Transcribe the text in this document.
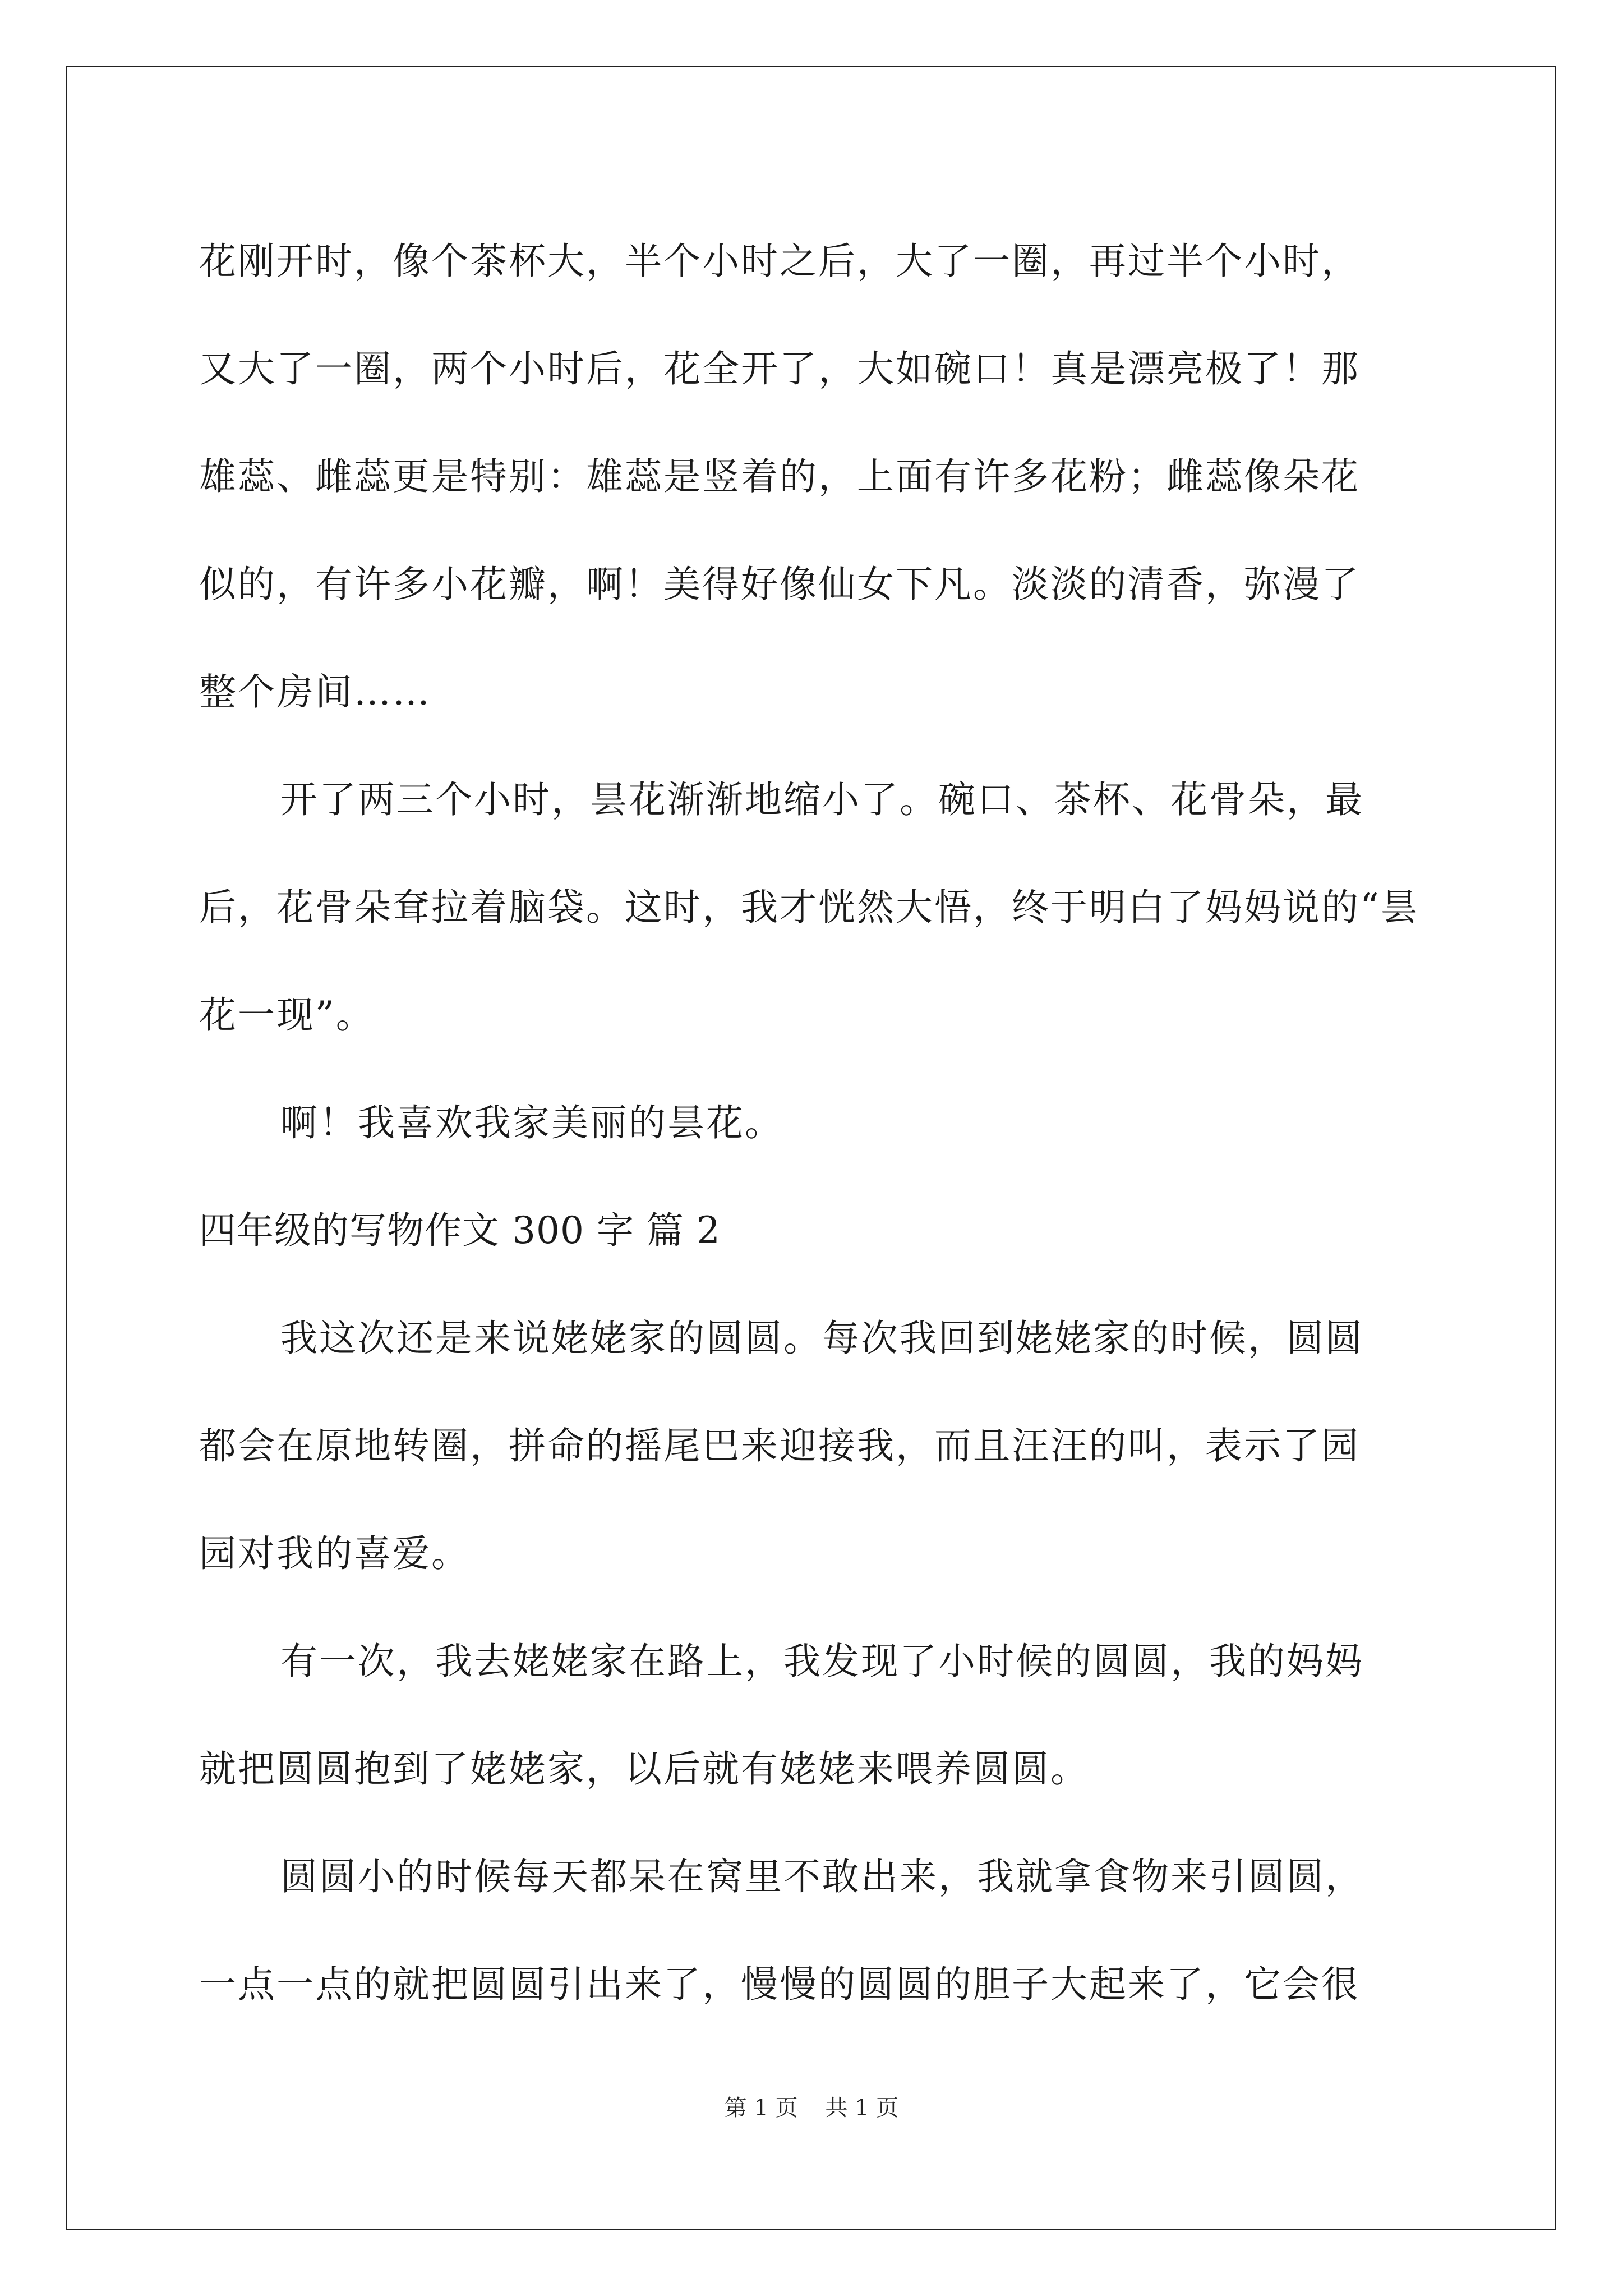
花刚开时，像个茶杯大，半个小时之后，大了一圈，再过半个小时，
又大了一圈，两个小时后，花全开了，大如碗口！真是漂亮极了！那
雄蕊、雌蕊更是特别：雄蕊是竖着的，上面有许多花粉；雌蕊像朵花
似的，有许多小花瓣，啊！美得好像仙女下凡。淡淡的清香，弥漫了
整个房间……
开了两三个小时，昙花渐渐地缩小了。碗口、茶杯、花骨朵，最
后，花骨朵耷拉着脑袋。这时，我才恍然大悟，终于明白了妈妈说的“昙
花一现”。
啊！我喜欢我家美丽的昙花。
四年级的写物作文 300 字 篇 2
我这次还是来说姥姥家的圆圆。每次我回到姥姥家的时候，圆圆
都会在原地转圈，拼命的摇尾巴来迎接我，而且汪汪的叫，表示了园
园对我的喜爱。
有一次，我去姥姥家在路上，我发现了小时候的圆圆，我的妈妈
就把圆圆抱到了姥姥家，以后就有姥姥来喂养圆圆。
圆圆小的时候每天都呆在窝里不敢出来，我就拿食物来引圆圆，
一点一点的就把圆圆引出来了，慢慢的圆圆的胆子大起来了，它会很
第 1 页 共 1 页
